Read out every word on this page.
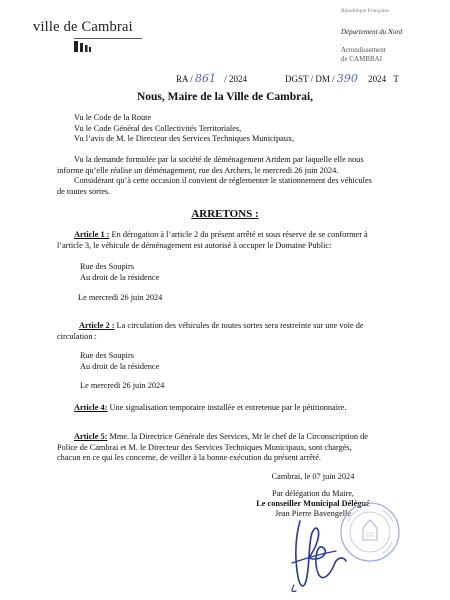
ville de Cambrai
République Française
Département du Nord
Arrondissement
de CAMBRAI
RA / 861 / 2024	DGST / DM / 390 2024 T
Nous, Maire de la Ville de Cambrai,
Vu le Code de la Route
Vu le Code Général des Collectivités Territoriales,
Vu l’avis de M. le Directeur des Services Techniques Municipaux,
Vu la demande formulée par la société de déménagement Artdem par laquelle elle nous
informe qu’elle réalise un déménagement, rue des Archers, le mercredi 26 juin 2024.
Considérant qu’à cette occasion il convient de réglementer le stationnement des véhicules
de toutes sortes.
ARRETONS :
Article 1 : En dérogation à l’article 2 du présent arrêté et sous réserve de se conformer à
l’article 3, le véhicule de déménagement est autorisé à occuper le Domaine Public:
Rue des Soupirs
Au droit de la résidence
Le mercredi 26 juin 2024
Article 2 : La circulation des véhicules de toutes sortes sera restreinte sur une voie de
circulation :
Rue des Soupirs
Au droit de la résidence
Le mercredi 26 juin 2024
Article 4: Une signalisation temporaire installée et entretenue par le pétitionnaire.
Article 5: Mme. la Directrice Générale des Services, Mr le chef de la Circonscription de
Police de Cambrai et M. le Directeur des Services Techniques Municipaux, sont chargés,
chacun en ce qui les concerne, de veiller à la bonne exécution du présent arrêté.
Cambrai, le 07 juin 2024
Par délégation du Maire,
Le conseiller Municipal Délégué
Jean Pierre Bavengelle
